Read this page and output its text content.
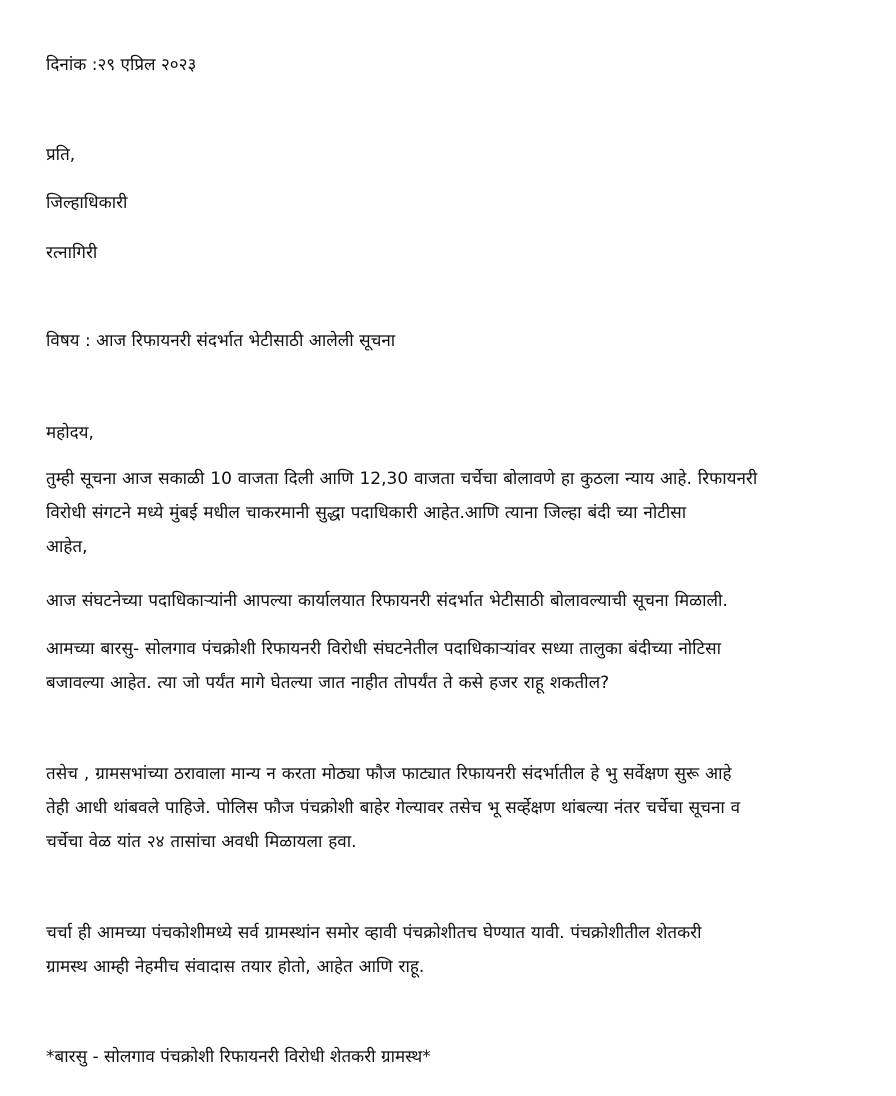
दिनांक :२९ एप्रिल २०२३
प्रति,
जिल्हाधिकारी
रत्नागिरी
विषय : आज रिफायनरी संदर्भात भेटीसाठी आलेली सूचना
महोदय,
तुम्ही सूचना आज सकाळी 10 वाजता दिली आणि 12,30 वाजता चर्चेचा बोलावणे हा कुठला न्याय आहे. रिफायनरी
विरोधी संगटने मध्ये मुंबई मधील चाकरमानी सुद्धा पदाधिकारी आहेत.आणि त्याना जिल्हा बंदी च्या नोटीसा
आहेत,
आज संघटनेच्या पदाधिकाऱ्यांनी आपल्या कार्यालयात रिफायनरी संदर्भात भेटीसाठी बोलावल्याची सूचना मिळाली.
आमच्या बारसु- सोलगाव पंचक्रोशी रिफायनरी विरोधी संघटनेतील पदाधिकाऱ्यांवर सध्या तालुका बंदीच्या नोटिसा
बजावल्या आहेत. त्या जो पर्यंत मागे घेतल्या जात नाहीत तोपर्यंत ते कसे हजर राहू शकतील?
तसेच , ग्रामसभांच्या ठरावाला मान्य न करता मोठ्या फौज फाट्यात रिफायनरी संदर्भातील हे भु सर्वेक्षण सुरू आहे
तेही आधी थांबवले पाहिजे. पोलिस फौज पंचक्रोशी बाहेर गेल्यावर तसेच भू सर्व्हेक्षण थांबल्या नंतर चर्चेचा सूचना व
चर्चेचा वेळ यांत २४ तासांचा अवधी मिळायला हवा.
चर्चा ही आमच्या पंचकोशीमध्ये सर्व ग्रामस्थांन समोर व्हावी पंचक्रोशीतच घेण्यात यावी. पंचक्रोशीतील शेतकरी
ग्रामस्थ आम्ही नेहमीच संवादास तयार होतो, आहेत आणि राहू.
*बारसु - सोलगाव पंचक्रोशी रिफायनरी विरोधी शेतकरी ग्रामस्थ*
